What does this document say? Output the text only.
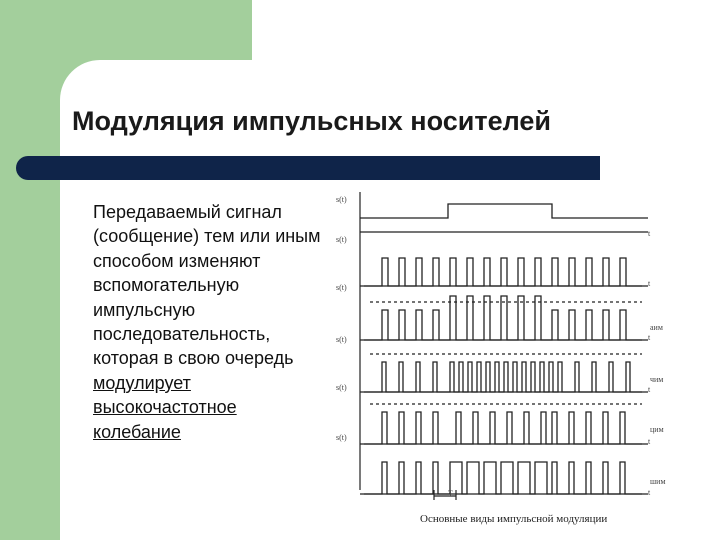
Модуляция импульсных носителей
Передаваемый сигнал (сообщение) тем или иным способом изменяют вспомогательную импульсную последовательность, которая в свою очередь модулирует высокочастотное колебание
s(t)
s(t)
s(t)
s(t)
s(t)
s(t)
t
t
t
t
t
t
аим
чим
цим
шим
T
Основные виды импульсной модуляции
